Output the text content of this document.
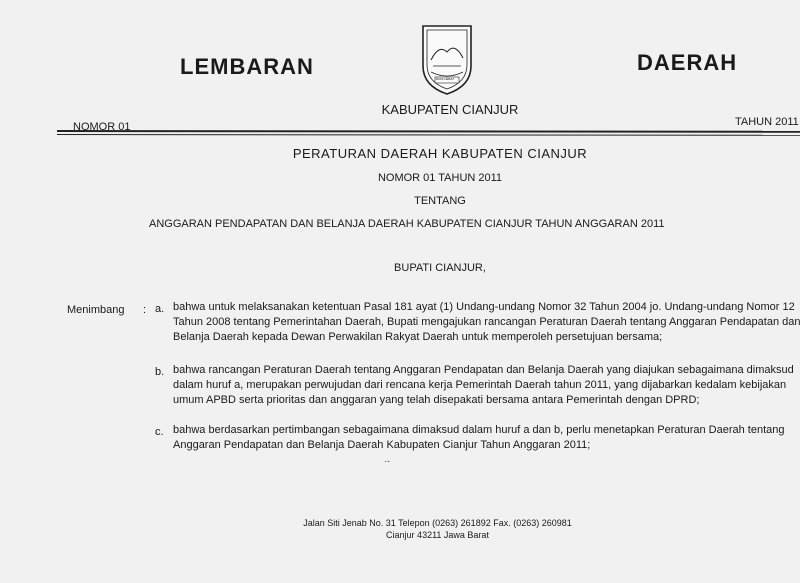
LEMBARAN	DAERAH
BUMI HEBAT
KABUPATEN CIANJUR
NOMOR 01	TAHUN 2011
PERATURAN DAERAH KABUPATEN CIANJUR
NOMOR 01 TAHUN 2011
TENTANG
ANGGARAN PENDAPATAN DAN BELANJA DAERAH KABUPATEN CIANJUR TAHUN ANGGARAN 2011
BUPATI CIANJUR,
Menimbang : a. bahwa untuk melaksanakan ketentuan Pasal 181 ayat (1) Undang-undang Nomor 32 Tahun 2004 jo. Undang-undang Nomor 12 Tahun 2008 tentang Pemerintahan Daerah, Bupati mengajukan rancangan Peraturan Daerah tentang Anggaran Pendapatan dan Belanja Daerah kepada Dewan Perwakilan Rakyat Daerah untuk memperoleh persetujuan bersama;
b. bahwa rancangan Peraturan Daerah tentang Anggaran Pendapatan dan Belanja Daerah yang diajukan sebagaimana dimaksud dalam huruf a, merupakan perwujudan dari rencana kerja Pemerintah Daerah tahun 2011, yang dijabarkan kedalam kebijakan umum APBD serta prioritas dan anggaran yang telah disepakati bersama antara Pemerintah dengan DPRD;
c. bahwa berdasarkan pertimbangan sebagaimana dimaksud dalam huruf a dan b, perlu menetapkan Peraturan Daerah tentang Anggaran Pendapatan dan Belanja Daerah Kabupaten Cianjur Tahun Anggaran 2011;
·-
Jalan Siti Jenab No. 31 Telepon (0263) 261892 Fax. (0263) 260981
Cianjur 43211 Jawa Barat
